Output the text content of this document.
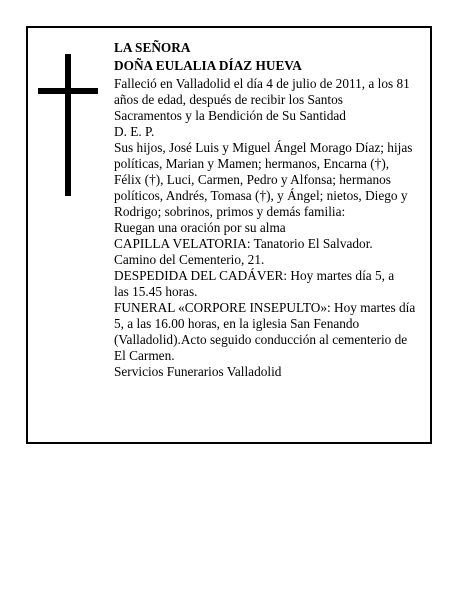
LA SEÑORA
DOÑA EULALIA DÍAZ HUEVA
Falleció en Valladolid el día 4 de julio de 2011, a los 81
años de edad, después de recibir los Santos
Sacramentos y la Bendición de Su Santidad
D. E. P.
Sus hijos, José Luis y Miguel Ángel Morago Díaz; hijas
políticas, Marian y Mamen; hermanos, Encarna (†),
Félix (†), Luci, Carmen, Pedro y Alfonsa; hermanos
políticos, Andrés, Tomasa (†), y Ángel; nietos, Diego y
Rodrigo; sobrinos, primos y demás familia:
Ruegan una oración por su alma
CAPILLA VELATORIA: Tanatorio El Salvador.
Camino del Cementerio, 21.
DESPEDIDA DEL CADÁVER: Hoy martes día 5, a
las 15.45 horas.
FUNERAL «CORPORE INSEPULTO»: Hoy martes día
5, a las 16.00 horas, en la iglesia San Fenando
(Valladolid).Acto seguido conducción al cementerio de
El Carmen.
Servicios Funerarios Valladolid
